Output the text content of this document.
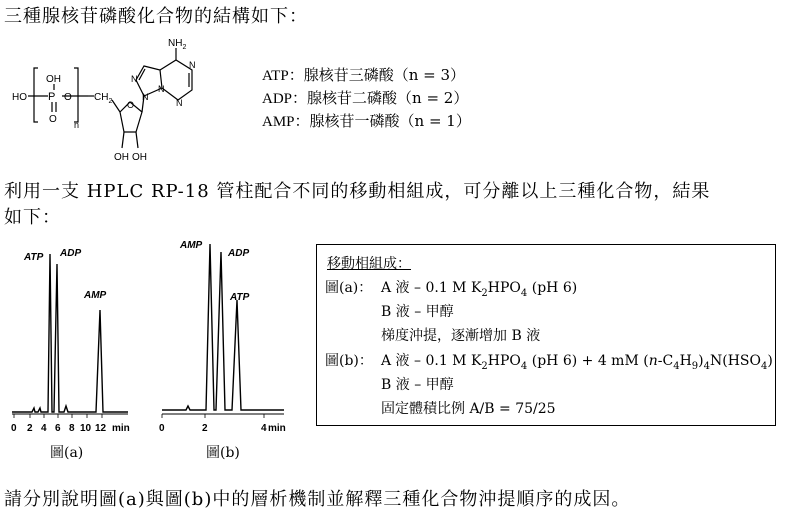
三種腺核苷磷酸化合物的結構如下：
HO P
OH
O
O
n
$CH_2$ O
OH OH
N
N
N
N
N
$NH_2$
ATP：腺核苷三磷酸（n = 3）
ADP：腺核苷二磷酸（n = 2）
AMP：腺核苷一磷酸（n = 1）
利用一支 HPLC RP-18 管柱配合不同的移動相組成，可分離以上三種化合物，結果
如下：
ATP ADP
AMP
0 2 4 6 8 10 12 min
圖(a)
AMP
ADP
ATP
0	2	4 min
圖(b)
移動相組成：
圖(a)： A 液 – 0.1 M $K_2HPO_4$ (pH 6)
B 液 – 甲醇
梯度沖提，逐漸增加 B 液
圖(b)： A 液 – 0.1 M $K_2HPO_4$ (pH 6) + 4 mM $(n-C_4H_9)_4N(HSO_4)$
B 液 – 甲醇
固定體積比例 A/B = 75/25
請分別說明圖(a)與圖(b)中的層析機制並解釋三種化合物沖提順序的成因。
